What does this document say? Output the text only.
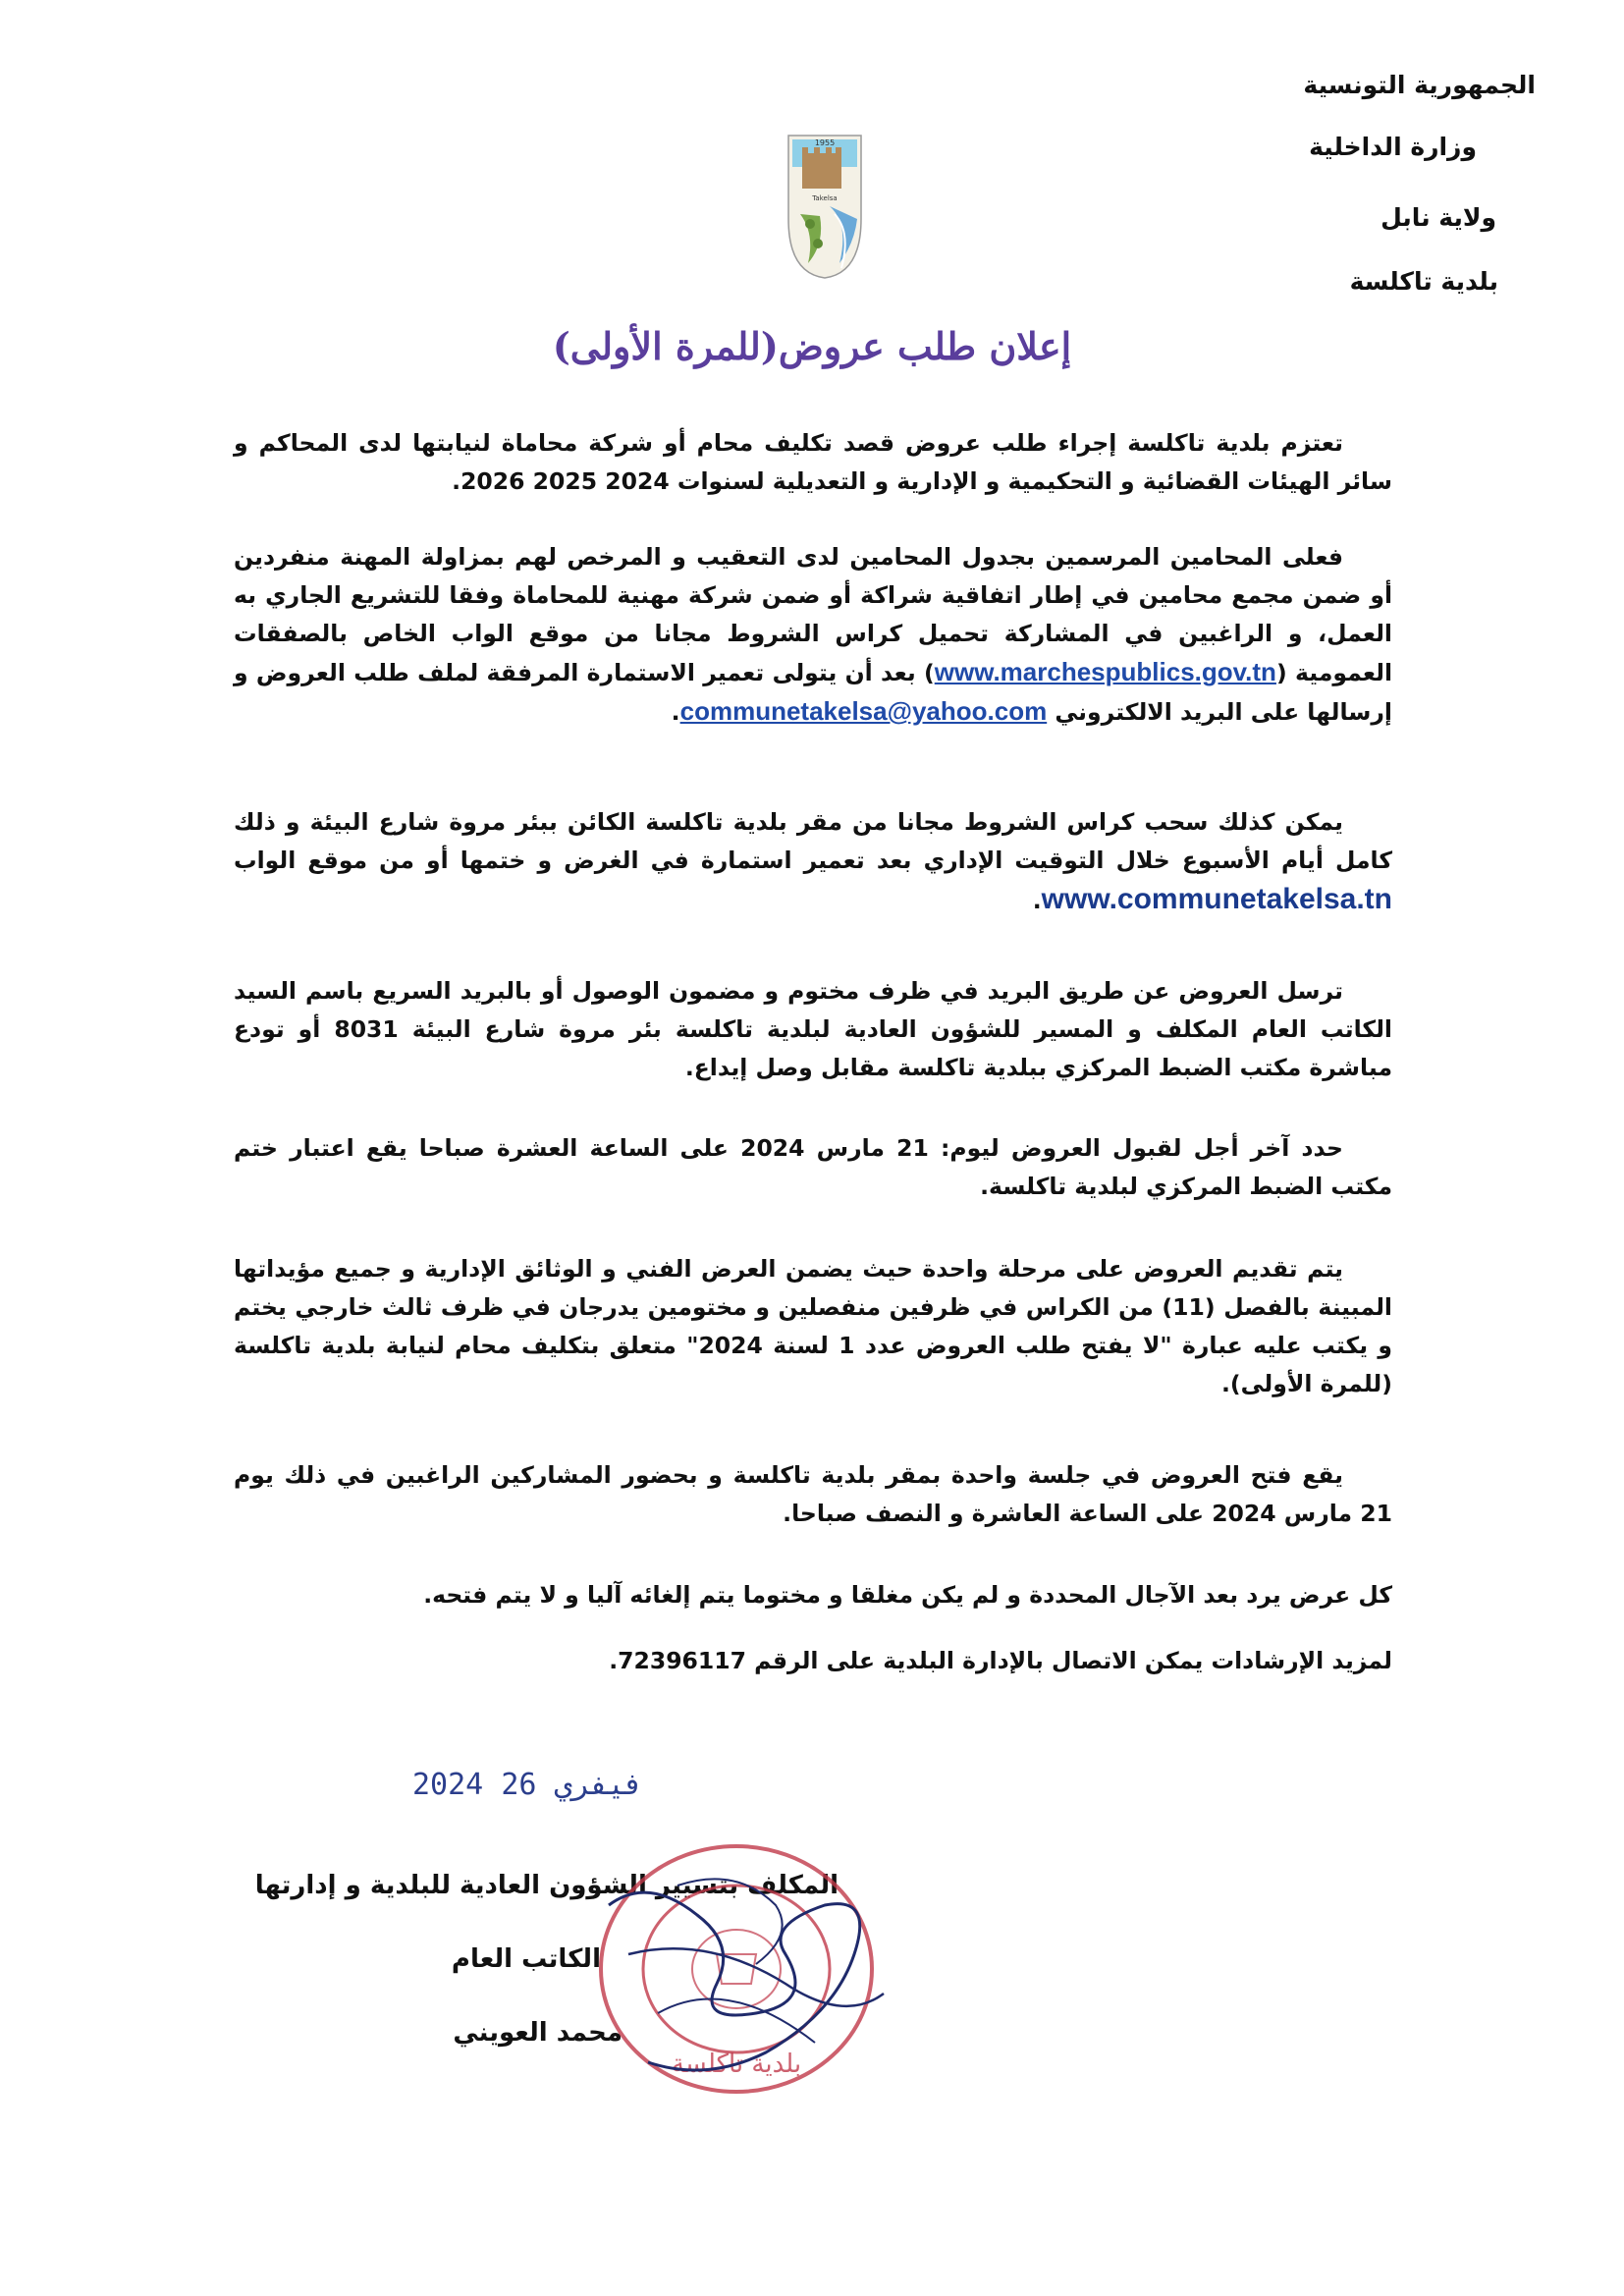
الجمهورية التونسية
وزارة الداخلية
ولاية نابل
بلدية تاكلسة
1955
Takelsa
إعلان طلب عروض(للمرة الأولى)
تعتزم بلدية تاكلسة إجراء طلب عروض قصد تكليف محام أو شركة محاماة لنيابتها لدى المحاكم و سائر الهيئات القضائية و التحكيمية و الإدارية و التعديلية لسنوات 2024 2025 2026.
فعلى المحامين المرسمين بجدول المحامين لدى التعقيب و المرخص لهم بمزاولة المهنة منفردين أو ضمن مجمع محامين في إطار اتفاقية شراكة أو ضمن شركة مهنية للمحاماة وفقا للتشريع الجاري به العمل، و الراغبين في المشاركة تحميل كراس الشروط مجانا من موقع الواب الخاص بالصفقات العمومية (www.marchespublics.gov.tn) بعد أن يتولى تعمير الاستمارة المرفقة لملف طلب العروض و إرسالها على البريد الالكتروني communetakelsa@yahoo.com.
يمكن كذلك سحب كراس الشروط مجانا من مقر بلدية تاكلسة الكائن ببئر مروة شارع البيئة و ذلك كامل أيام الأسبوع خلال التوقيت الإداري بعد تعمير استمارة في الغرض و ختمها أو من موقع الواب www.communetakelsa.tn.
ترسل العروض عن طريق البريد في ظرف مختوم و مضمون الوصول أو بالبريد السريع باسم السيد الكاتب العام المكلف و المسير للشؤون العادية لبلدية تاكلسة بئر مروة شارع البيئة 8031 أو تودع مباشرة مكتب الضبط المركزي ببلدية تاكلسة مقابل وصل إيداع.
حدد آخر أجل لقبول العروض ليوم: 21 مارس 2024 على الساعة العشرة صباحا يقع اعتبار ختم مكتب الضبط المركزي لبلدية تاكلسة.
يتم تقديم العروض على مرحلة واحدة حيث يضمن العرض الفني و الوثائق الإدارية و جميع مؤيداتها المبينة بالفصل (11) من الكراس في ظرفين منفصلين و مختومين يدرجان في ظرف ثالث خارجي يختم و يكتب عليه عبارة "لا يفتح طلب العروض عدد 1 لسنة 2024" متعلق بتكليف محام لنيابة بلدية تاكلسة (للمرة الأولى).
يقع فتح العروض في جلسة واحدة بمقر بلدية تاكلسة و بحضور المشاركين الراغبين في ذلك يوم 21 مارس 2024 على الساعة العاشرة و النصف صباحا.
كل عرض يرد بعد الآجال المحددة و لم يكن مغلقا و مختوما يتم إلغائه آليا و لا يتم فتحه.
لمزيد الإرشادات يمكن الاتصال بالإدارة البلدية على الرقم 72396117.
2024 فيفري 26
المكلف بتسيير الشؤون العادية للبلدية و إدارتها
الكاتب العام
محمد العويني
بلدية تاكلسة
